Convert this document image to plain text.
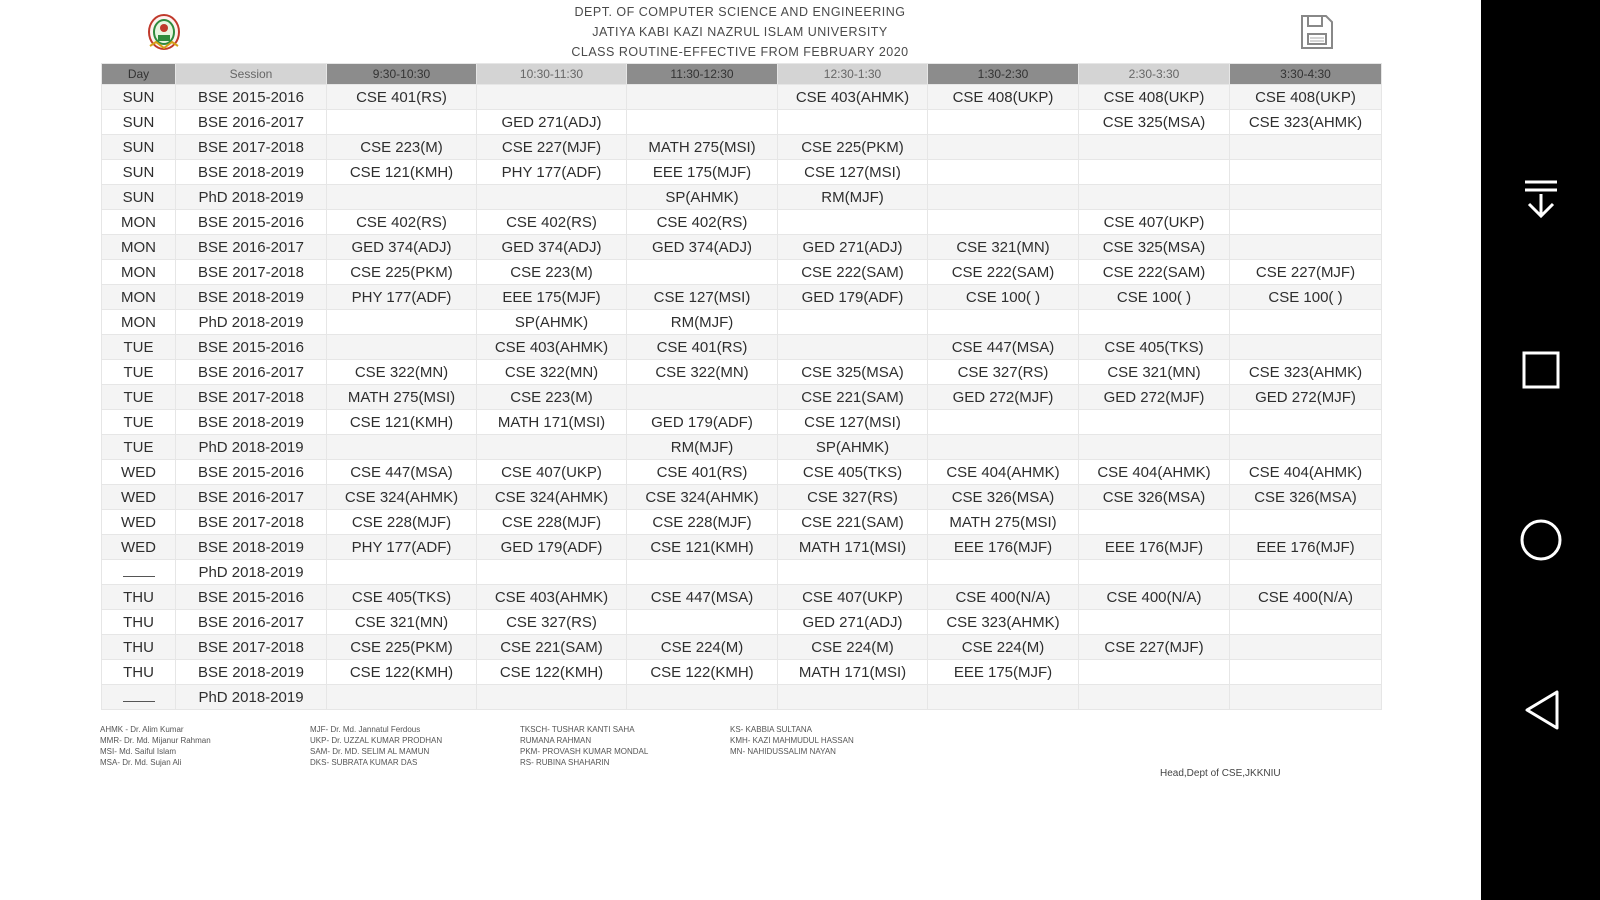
DEPT. OF COMPUTER SCIENCE AND ENGINEERING
JATIYA KABI KAZI NAZRUL ISLAM UNIVERSITY
CLASS ROUTINE-EFFECTIVE FROM FEBRUARY 2020
Day	Session	9:30-10:30	10:30-11:30	11:30-12:30	12:30-1:30	1:30-2:30	2:30-3:30	3:30-4:30
SUN	BSE 2015-2016	CSE 401(RS)			CSE 403(AHMK)	CSE 408(UKP)	CSE 408(UKP)	CSE 408(UKP)
SUN	BSE 2016-2017		GED 271(ADJ)				CSE 325(MSA)	CSE 323(AHMK)
SUN	BSE 2017-2018	CSE 223(M)	CSE 227(MJF)	MATH 275(MSI)	CSE 225(PKM)			
SUN	BSE 2018-2019	CSE 121(KMH)	PHY 177(ADF)	EEE 175(MJF)	CSE 127(MSI)			
SUN	PhD 2018-2019			SP(AHMK)	RM(MJF)			
MON	BSE 2015-2016	CSE 402(RS)	CSE 402(RS)	CSE 402(RS)			CSE 407(UKP)	
MON	BSE 2016-2017	GED 374(ADJ)	GED 374(ADJ)	GED 374(ADJ)	GED 271(ADJ)	CSE 321(MN)	CSE 325(MSA)	
MON	BSE 2017-2018	CSE 225(PKM)	CSE 223(M)		CSE 222(SAM)	CSE 222(SAM)	CSE 222(SAM)	CSE 227(MJF)
MON	BSE 2018-2019	PHY 177(ADF)	EEE 175(MJF)	CSE 127(MSI)	GED 179(ADF)	CSE 100( )	CSE 100( )	CSE 100( )
MON	PhD 2018-2019		SP(AHMK)	RM(MJF)				
TUE	BSE 2015-2016		CSE 403(AHMK)	CSE 401(RS)		CSE 447(MSA)	CSE 405(TKS)	
TUE	BSE 2016-2017	CSE 322(MN)	CSE 322(MN)	CSE 322(MN)	CSE 325(MSA)	CSE 327(RS)	CSE 321(MN)	CSE 323(AHMK)
TUE	BSE 2017-2018	MATH 275(MSI)	CSE 223(M)		CSE 221(SAM)	GED 272(MJF)	GED 272(MJF)	GED 272(MJF)
TUE	BSE 2018-2019	CSE 121(KMH)	MATH 171(MSI)	GED 179(ADF)	CSE 127(MSI)			
TUE	PhD 2018-2019			RM(MJF)	SP(AHMK)			
WED	BSE 2015-2016	CSE 447(MSA)	CSE 407(UKP)	CSE 401(RS)	CSE 405(TKS)	CSE 404(AHMK)	CSE 404(AHMK)	CSE 404(AHMK)
WED	BSE 2016-2017	CSE 324(AHMK)	CSE 324(AHMK)	CSE 324(AHMK)	CSE 327(RS)	CSE 326(MSA)	CSE 326(MSA)	CSE 326(MSA)
WED	BSE 2017-2018	CSE 228(MJF)	CSE 228(MJF)	CSE 228(MJF)	CSE 221(SAM)	MATH 275(MSI)		
WED	BSE 2018-2019	PHY 177(ADF)	GED 179(ADF)	CSE 121(KMH)	MATH 171(MSI)	EEE 176(MJF)	EEE 176(MJF)	EEE 176(MJF)
	PhD 2018-2019							
THU	BSE 2015-2016	CSE 405(TKS)	CSE 403(AHMK)	CSE 447(MSA)	CSE 407(UKP)	CSE 400(N/A)	CSE 400(N/A)	CSE 400(N/A)
THU	BSE 2016-2017	CSE 321(MN)	CSE 327(RS)		GED 271(ADJ)	CSE 323(AHMK)		
THU	BSE 2017-2018	CSE 225(PKM)	CSE 221(SAM)	CSE 224(M)	CSE 224(M)	CSE 224(M)	CSE 227(MJF)	
THU	BSE 2018-2019	CSE 122(KMH)	CSE 122(KMH)	CSE 122(KMH)	MATH 171(MSI)	EEE 175(MJF)		
	PhD 2018-2019							
AHMK - Dr. Alim Kumar
MMR- Dr. Md. Mijanur Rahman
MSI- Md. Saiful Islam
MSA- Dr. Md. Sujan Ali
MJF- Dr. Md. Jannatul Ferdous
UKP- Dr. UZZAL KUMAR PRODHAN
SAM- Dr. MD. SELIM AL MAMUN
DKS- SUBRATA KUMAR DAS
TKSCH- TUSHAR KANTI SAHA
RUMANA RAHMAN
PKM- PROVASH KUMAR MONDAL
RS- RUBINA SHAHARIN
KS- KABBIA SULTANA
KMH- KAZI MAHMUDUL HASSAN
MN- NAHIDUSSALIM NAYAN
Head,Dept of CSE,JKKNIU
